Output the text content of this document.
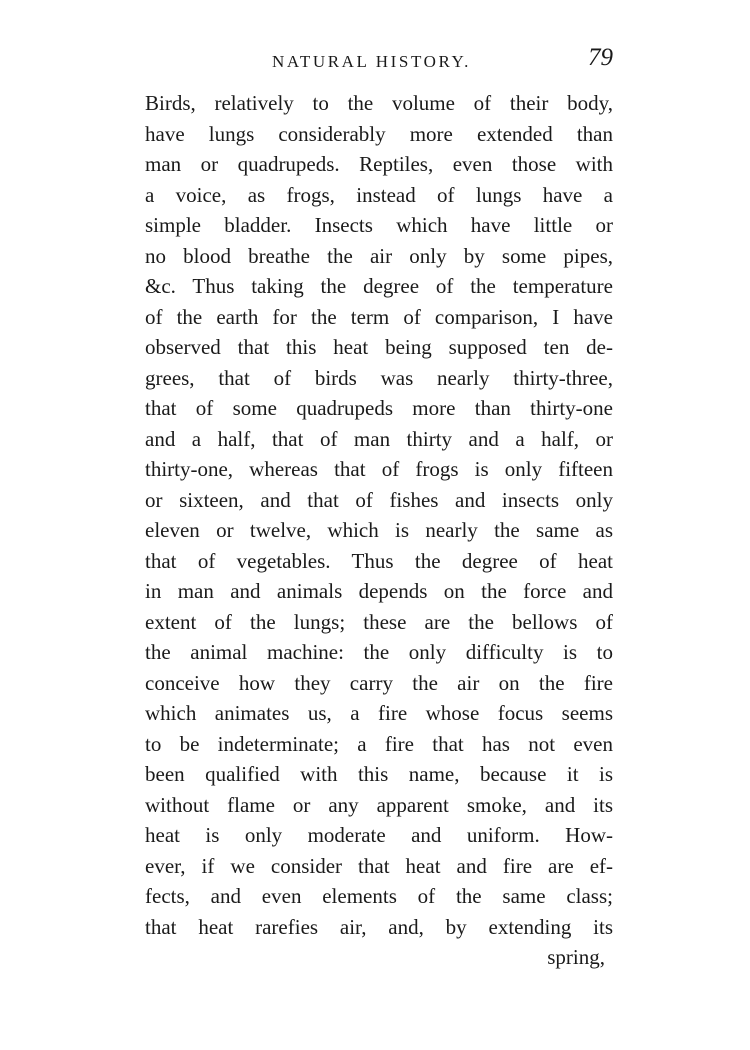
NATURAL HISTORY.	79
Birds, relatively to the volume of their body,
have lungs considerably more extended than
man or quadrupeds. Reptiles, even those with
a voice, as frogs, instead of lungs have a
simple bladder. Insects which have little or
no blood breathe the air only by some pipes,
&c. Thus taking the degree of the temperature
of the earth for the term of comparison, I have
observed that this heat being supposed ten de-
grees, that of birds was nearly thirty-three,
that of some quadrupeds more than thirty-one
and a half, that of man thirty and a half, or
thirty-one, whereas that of frogs is only fifteen
or sixteen, and that of fishes and insects only
eleven or twelve, which is nearly the same as
that of vegetables. Thus the degree of heat
in man and animals depends on the force and
extent of the lungs; these are the bellows of
the animal machine: the only difficulty is to
conceive how they carry the air on the fire
which animates us, a fire whose focus seems
to be indeterminate; a fire that has not even
been qualified with this name, because it is
without flame or any apparent smoke, and its
heat is only moderate and uniform. How-
ever, if we consider that heat and fire are ef-
fects, and even elements of the same class;
that heat rarefies air, and, by extending its
spring,
